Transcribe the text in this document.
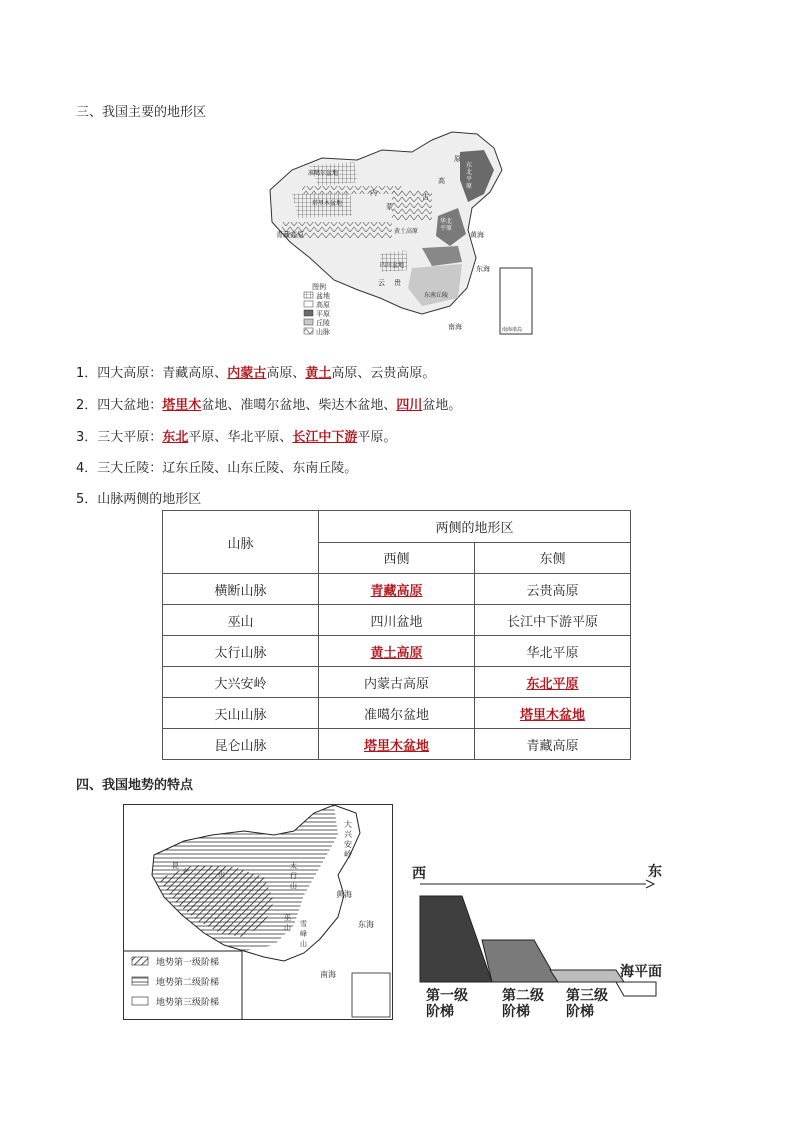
三、我国主要的地形区
图例
盆地
高原
平原
丘陵
山脉
准噶尔盆地
塔里木盆地
青藏高原
内
蒙
古
高
原
黄土高原
四川盆地
云 贵
东北平原
华北平原
黄海
东海
南海
东南丘陵
南海诸岛
1．四大高原：青藏高原、内蒙古高原、黄土高原、云贵高原。
2．四大盆地：塔里木盆地、准噶尔盆地、柴达木盆地、四川盆地。
3．三大平原：东北平原、华北平原、长江中下游平原。
4．三大丘陵：辽东丘陵、山东丘陵、东南丘陵。
5．山脉两侧的地形区
山脉	两侧的地形区	
	西侧	东侧
横断山脉	青藏高原	云贵高原
巫山	四川盆地	长江中下游平原
太行山脉	黄土高原	华北平原
大兴安岭	内蒙古高原	东北平原
天山山脉	准噶尔盆地	塔里木盆地
昆仑山脉	塔里木盆地	青藏高原
四、我国地势的特点
地势第一级阶梯
地势第二级阶梯
地势第三级阶梯
大
兴
安
岭
昆
仑	山
太
行
山
巫
山 雪
峰
山
黄海
东海
南海
西	东
海平面
第一级
阶梯
第二级
阶梯
第三级
阶梯
